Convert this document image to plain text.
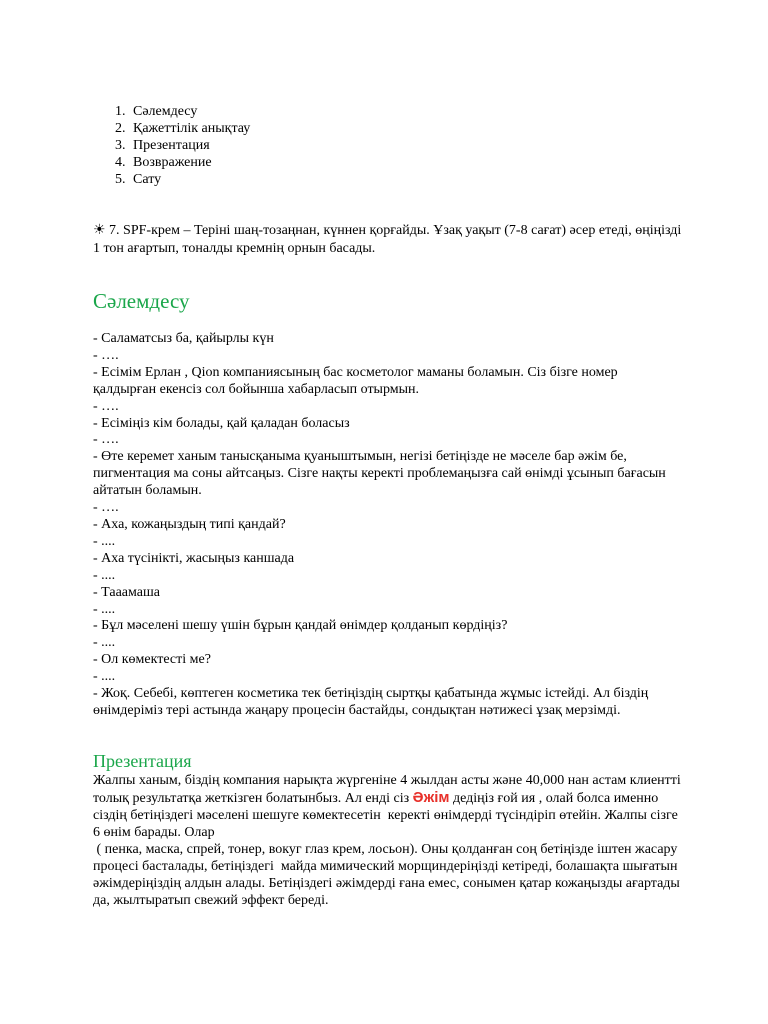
1. Сәлемдесу
2. Қажеттілік анықтау
3. Презентация
4. Возвражение
5. Сату

☀ 7. SPF-крем – Теріні шаң-тозаңнан, күннен қорғайды. Ұзақ уақыт (7-8 сағат) әсер етеді, өңіңізді 1 тон ағартып, тоналды кремнің орнын басады.

Сәлемдесу
- Саламатсыз ба, қайырлы күн
- ….
- Есімім Ерлан , Qion компаниясының бас косметолог маманы боламын. Сіз бізге номер қалдырған екенсіз сол бойынша хабарласып отырмын.
- ….
- Есіміңіз кім болады, қай қаладан боласыз
- ….
- Өте керемет ханым танысқаныма қуаныштымын, негізі бетіңізде не мәселе бар әжім бе, пигментация ма соны айтсаңыз. Сізге нақты керекті проблемаңызға сай өнімді ұсынып бағасын айтатын боламын.
- ….
- Аха, кожаңыздың типі қандай?
- ....
- Аха түсінікті, жасыңыз каншада
- ....
- Тааамаша
- ....
- Бұл мәселені шешу үшін бұрын қандай өнімдер қолданып көрдіңіз?
- ....
- Ол көмектесті ме?
- ....
- Жоқ. Себебі, көптеген косметика тек бетіңіздің сыртқы қабатында жұмыс істейді. Ал біздің өнімдеріміз тері астында жаңару процесін бастайды, сондықтан нәтижесі ұзақ мерзімді.
Презентация

Жалпы ханым, біздің компания нарықта жүргеніне 4 жылдан асты және 40,000 нан астам клиентті толық результатқа жеткізген болатынбыз. Ал енді сіз Әжім дедіңіз ғой ия , олай болса именно  сіздің бетіңіздегі мәселені шешуге көмектесетін  керекті өнімдерді түсіндіріп өтейін. Жалпы сізге  6 өнім барады. Олар
( пенка, маска, спрей, тонер, вокуг глаз крем, лосьон). Оны қолданған соң бетіңізде іштен жасару процесі басталады, бетіңіздегі  майда мимический морщиндеріңізді кетіреді, болашақта шығатын әжімдеріңіздің алдын алады. Бетіңіздегі әжімдерді ғана емес, сонымен қатар кожаңызды ағартады да, жылтыратып свежий эффект береді.
